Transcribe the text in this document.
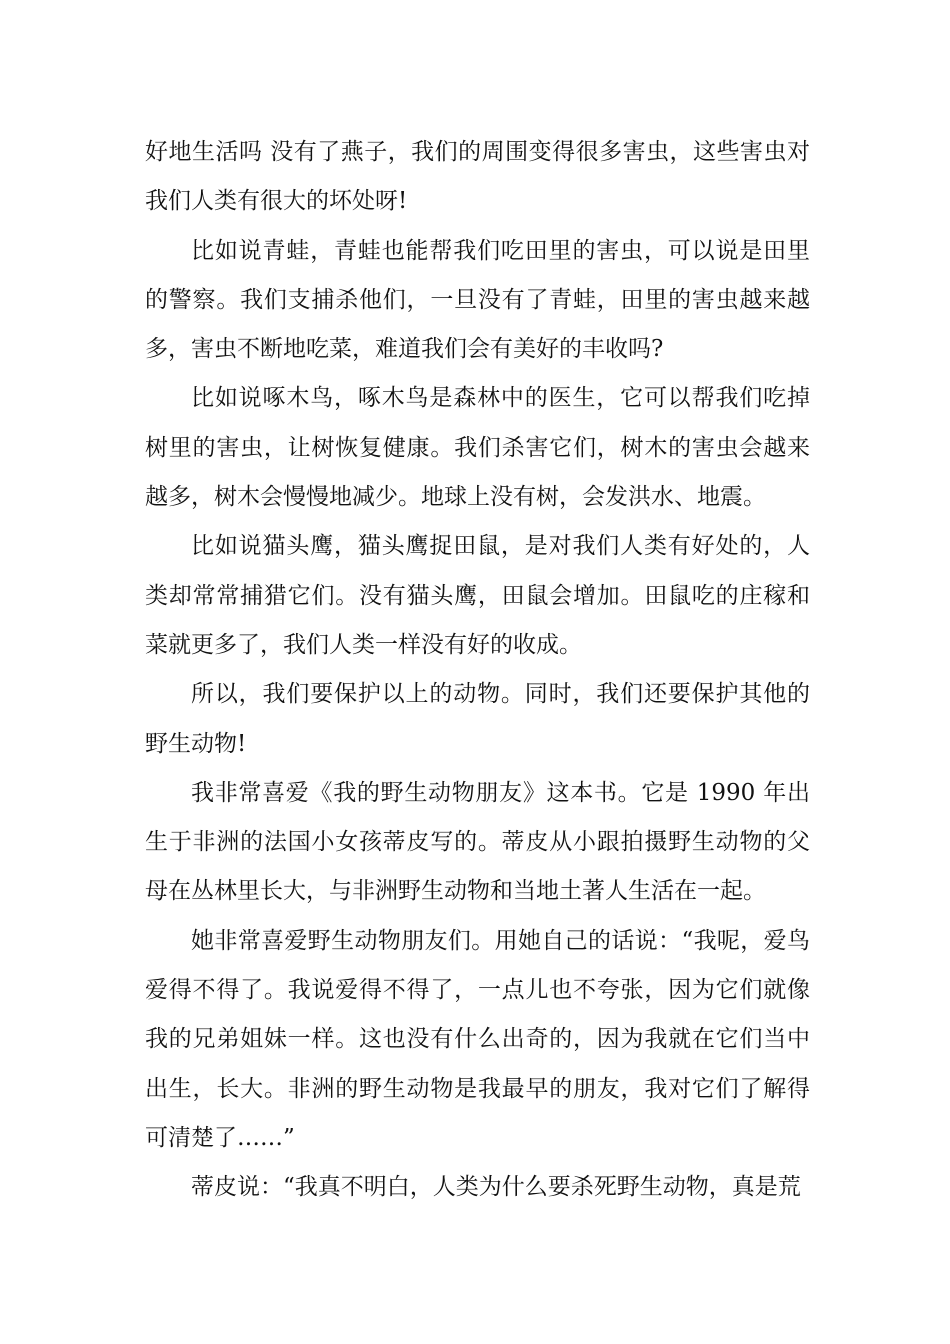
好地生活吗 没有了燕子，我们的周围变得很多害虫，这些害虫对我们人类有很大的坏处呀!

比如说青蛙，青蛙也能帮我们吃田里的害虫，可以说是田里的警察。我们支捕杀他们，一旦没有了青蛙，田里的害虫越来越多，害虫不断地吃菜，难道我们会有美好的丰收吗?

比如说啄木鸟，啄木鸟是森林中的医生，它可以帮我们吃掉树里的害虫，让树恢复健康。我们杀害它们，树木的害虫会越来越多，树木会慢慢地减少。地球上没有树，会发洪水、地震。

比如说猫头鹰，猫头鹰捉田鼠，是对我们人类有好处的，人类却常常捕猎它们。没有猫头鹰，田鼠会增加。田鼠吃的庄稼和菜就更多了，我们人类一样没有好的收成。

所以，我们要保护以上的动物。同时，我们还要保护其他的野生动物!

我非常喜爱《我的野生动物朋友》这本书。它是 1990 年出生于非洲的法国小女孩蒂皮写的。蒂皮从小跟拍摄野生动物的父母在丛林里长大，与非洲野生动物和当地土著人生活在一起。

她非常喜爱野生动物朋友们。用她自己的话说：“我呢，爱鸟爱得不得了。我说爱得不得了，一点儿也不夸张，因为它们就像我的兄弟姐妹一样。这也没有什么出奇的，因为我就在它们当中出生，长大。非洲的野生动物是我最早的朋友，我对它们了解得可清楚了……”

蒂皮说：“我真不明白，人类为什么要杀死野生动物，真是荒
